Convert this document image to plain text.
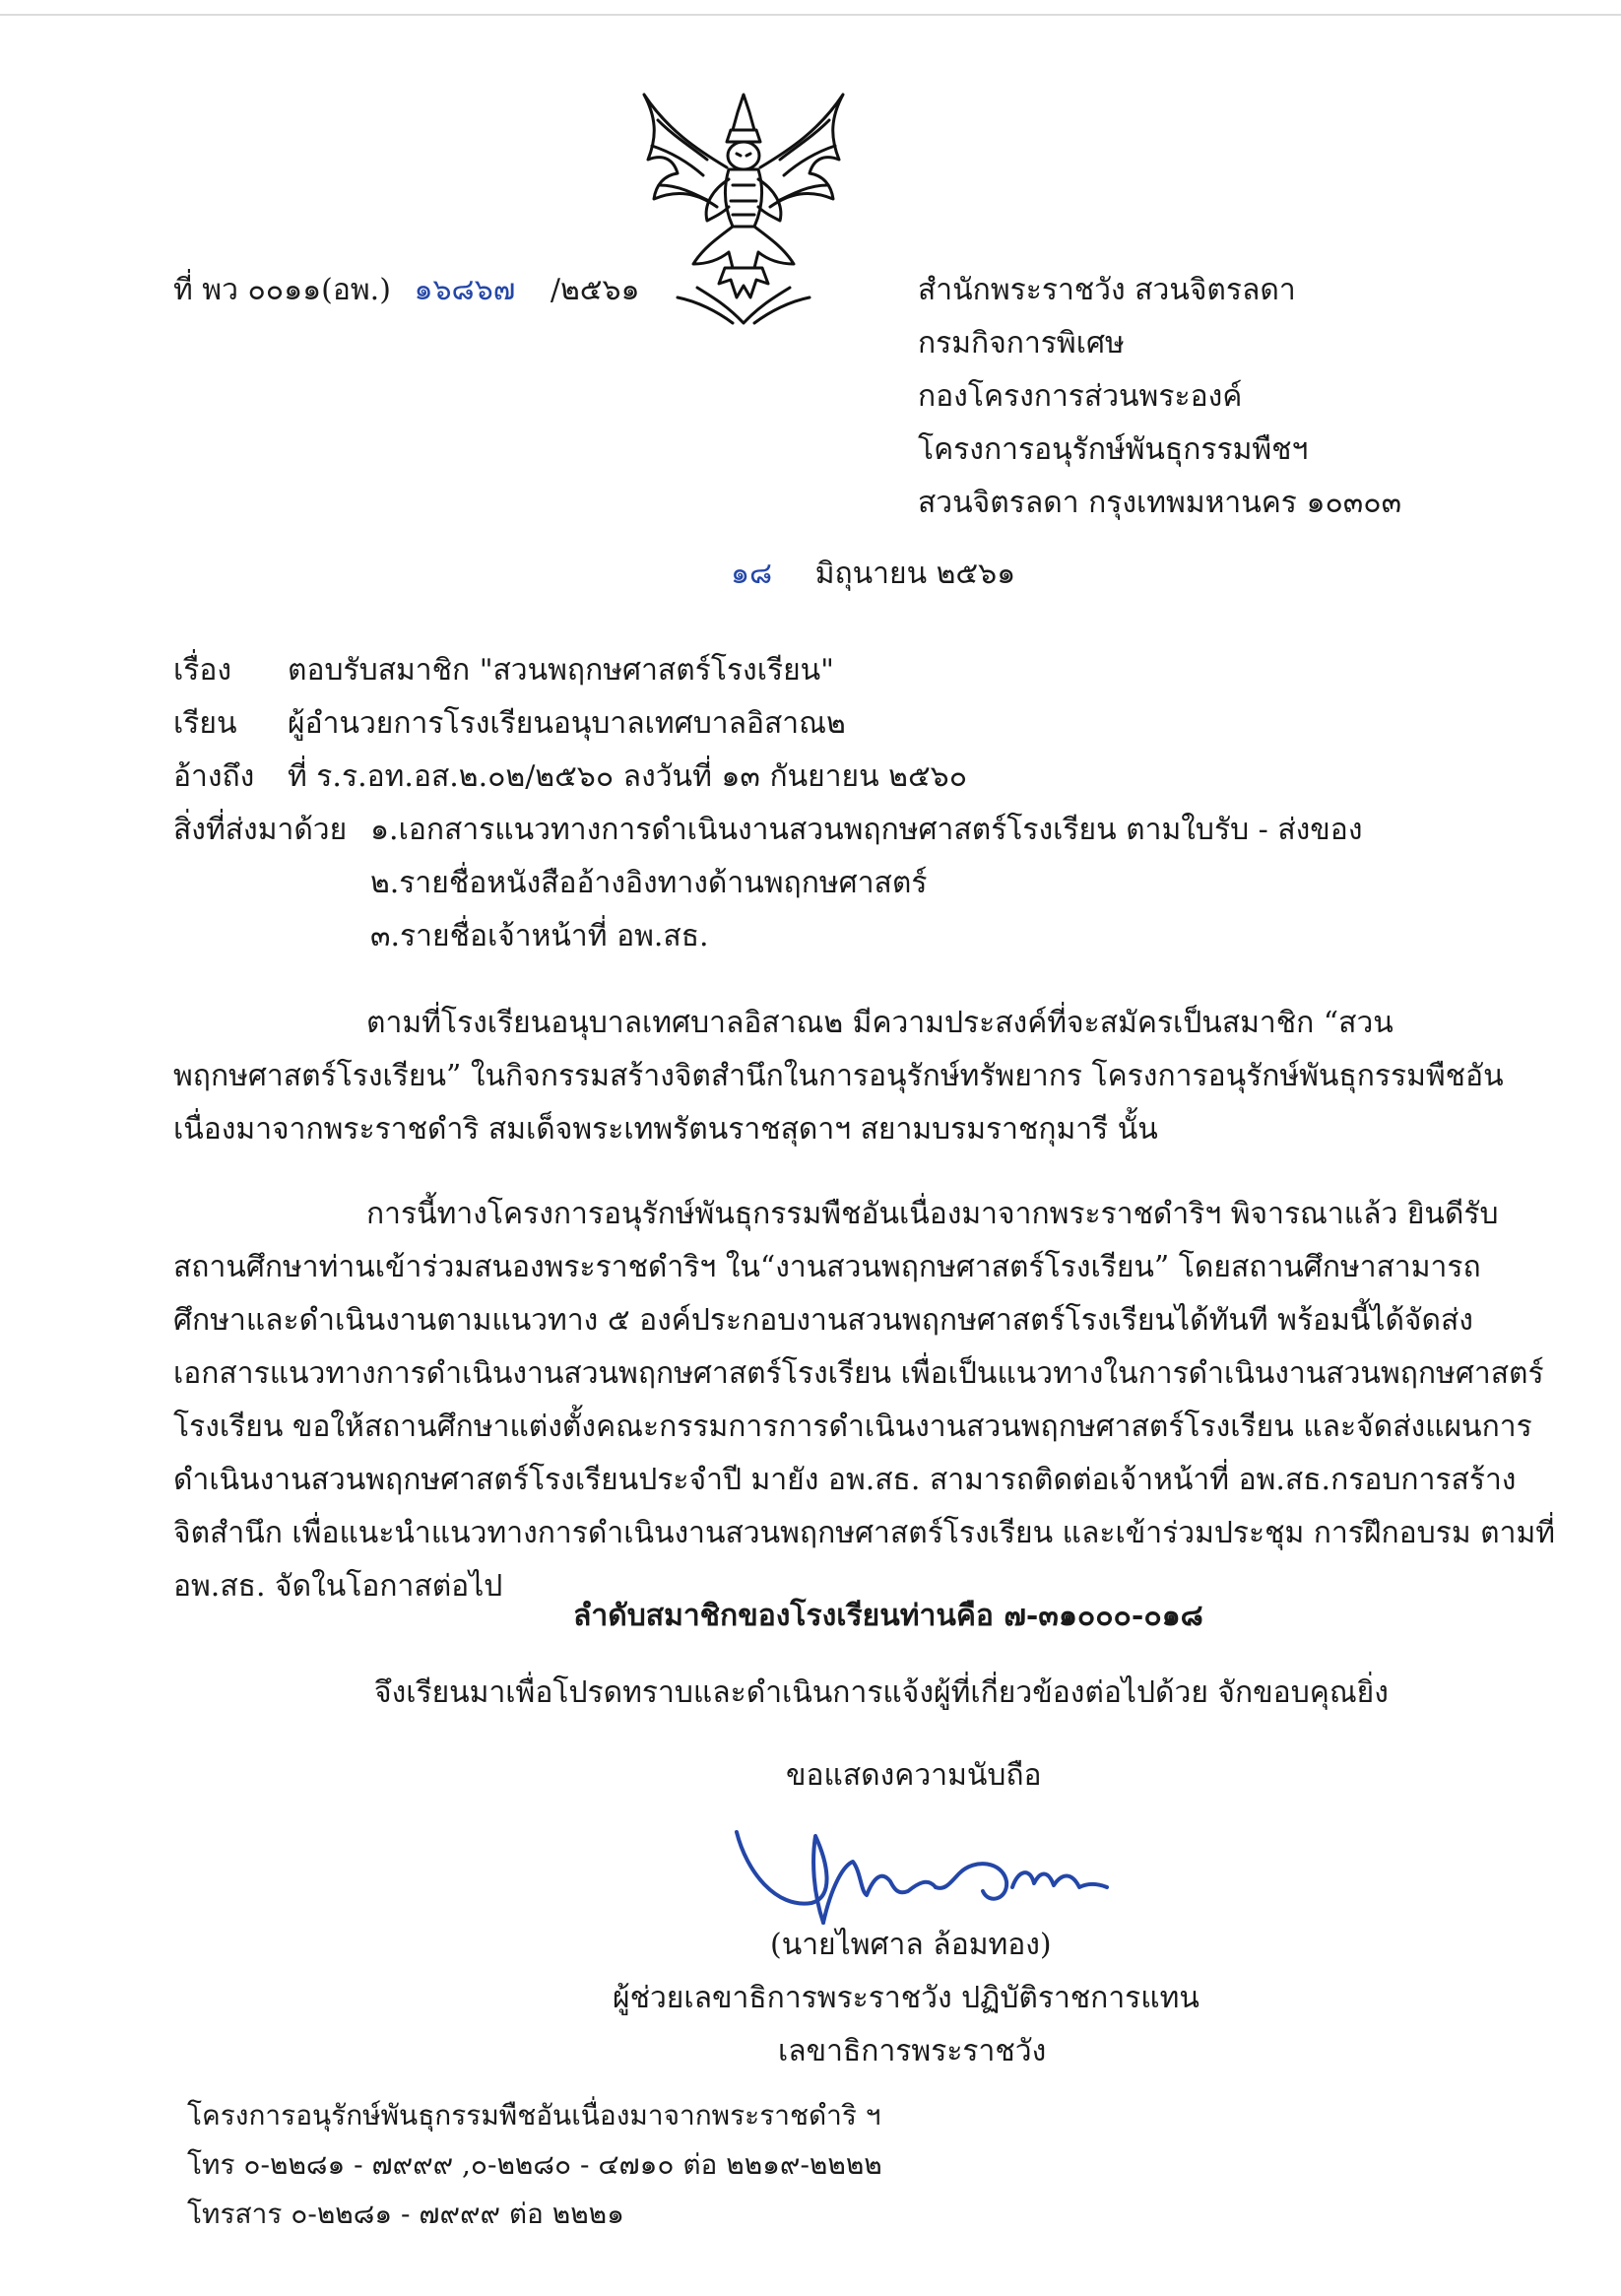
ที่ พว ๐๐๑๑(อพ.) ๑๖๘๖๗ /๒๕๖๑	สำนักพระราชวัง สวนจิตรลดา
กรมกิจการพิเศษ
กองโครงการส่วนพระองค์
โครงการอนุรักษ์พันธุกรรมพืชฯ
สวนจิตรลดา กรุงเทพมหานคร ๑๐๓๐๓
๑๘ มิถุนายน ๒๕๖๑
เรื่อง ตอบรับสมาชิก "สวนพฤกษศาสตร์โรงเรียน"
เรียน ผู้อำนวยการโรงเรียนอนุบาลเทศบาลอิสาณ๒
อ้างถึง ที่ ร.ร.อท.อส.๒.๐๒/๒๕๖๐ ลงวันที่ ๑๓ กันยายน ๒๕๖๐
สิ่งที่ส่งมาด้วย ๑.เอกสารแนวทางการดำเนินงานสวนพฤกษศาสตร์โรงเรียน ตามใบรับ - ส่งของ
๒.รายชื่อหนังสืออ้างอิงทางด้านพฤกษศาสตร์
๓.รายชื่อเจ้าหน้าที่ อพ.สธ.
ตามที่โรงเรียนอนุบาลเทศบาลอิสาณ๒ มีความประสงค์ที่จะสมัครเป็นสมาชิก “สวน
พฤกษศาสตร์โรงเรียน” ในกิจกรรมสร้างจิตสำนึกในการอนุรักษ์ทรัพยากร โครงการอนุรักษ์พันธุกรรมพืชอัน
เนื่องมาจากพระราชดำริ สมเด็จพระเทพรัตนราชสุดาฯ สยามบรมราชกุมารี นั้น
การนี้ทางโครงการอนุรักษ์พันธุกรรมพืชอันเนื่องมาจากพระราชดำริฯ พิจารณาแล้ว ยินดีรับ
สถานศึกษาท่านเข้าร่วมสนองพระราชดำริฯ ใน“งานสวนพฤกษศาสตร์โรงเรียน” โดยสถานศึกษาสามารถ
ศึกษาและดำเนินงานตามแนวทาง ๕ องค์ประกอบงานสวนพฤกษศาสตร์โรงเรียนได้ทันที พร้อมนี้ได้จัดส่ง
เอกสารแนวทางการดำเนินงานสวนพฤกษศาสตร์โรงเรียน เพื่อเป็นแนวทางในการดำเนินงานสวนพฤกษศาสตร์
โรงเรียน ขอให้สถานศึกษาแต่งตั้งคณะกรรมการการดำเนินงานสวนพฤกษศาสตร์โรงเรียน และจัดส่งแผนการ
ดำเนินงานสวนพฤกษศาสตร์โรงเรียนประจำปี มายัง อพ.สธ. สามารถติดต่อเจ้าหน้าที่ อพ.สธ.กรอบการสร้าง
จิตสำนึก เพื่อแนะนำแนวทางการดำเนินงานสวนพฤกษศาสตร์โรงเรียน และเข้าร่วมประชุม การฝึกอบรม ตามที่
อพ.สธ. จัดในโอกาสต่อไป
ลำดับสมาชิกของโรงเรียนท่านคือ ๗-๓๑๐๐๐-๐๑๘
จึงเรียนมาเพื่อโปรดทราบและดำเนินการแจ้งผู้ที่เกี่ยวข้องต่อไปด้วย จักขอบคุณยิ่ง
ขอแสดงความนับถือ
(นายไพศาล ล้อมทอง)
ผู้ช่วยเลขาธิการพระราชวัง ปฏิบัติราชการแทน
เลขาธิการพระราชวัง
โครงการอนุรักษ์พันธุกรรมพืชอันเนื่องมาจากพระราชดำริ ฯ
โทร ๐-๒๒๘๑ - ๗๙๙๙ ,๐-๒๒๘๐ - ๔๗๑๐ ต่อ ๒๒๑๙-๒๒๒๒
โทรสาร ๐-๒๒๘๑ - ๗๙๙๙ ต่อ ๒๒๒๑
